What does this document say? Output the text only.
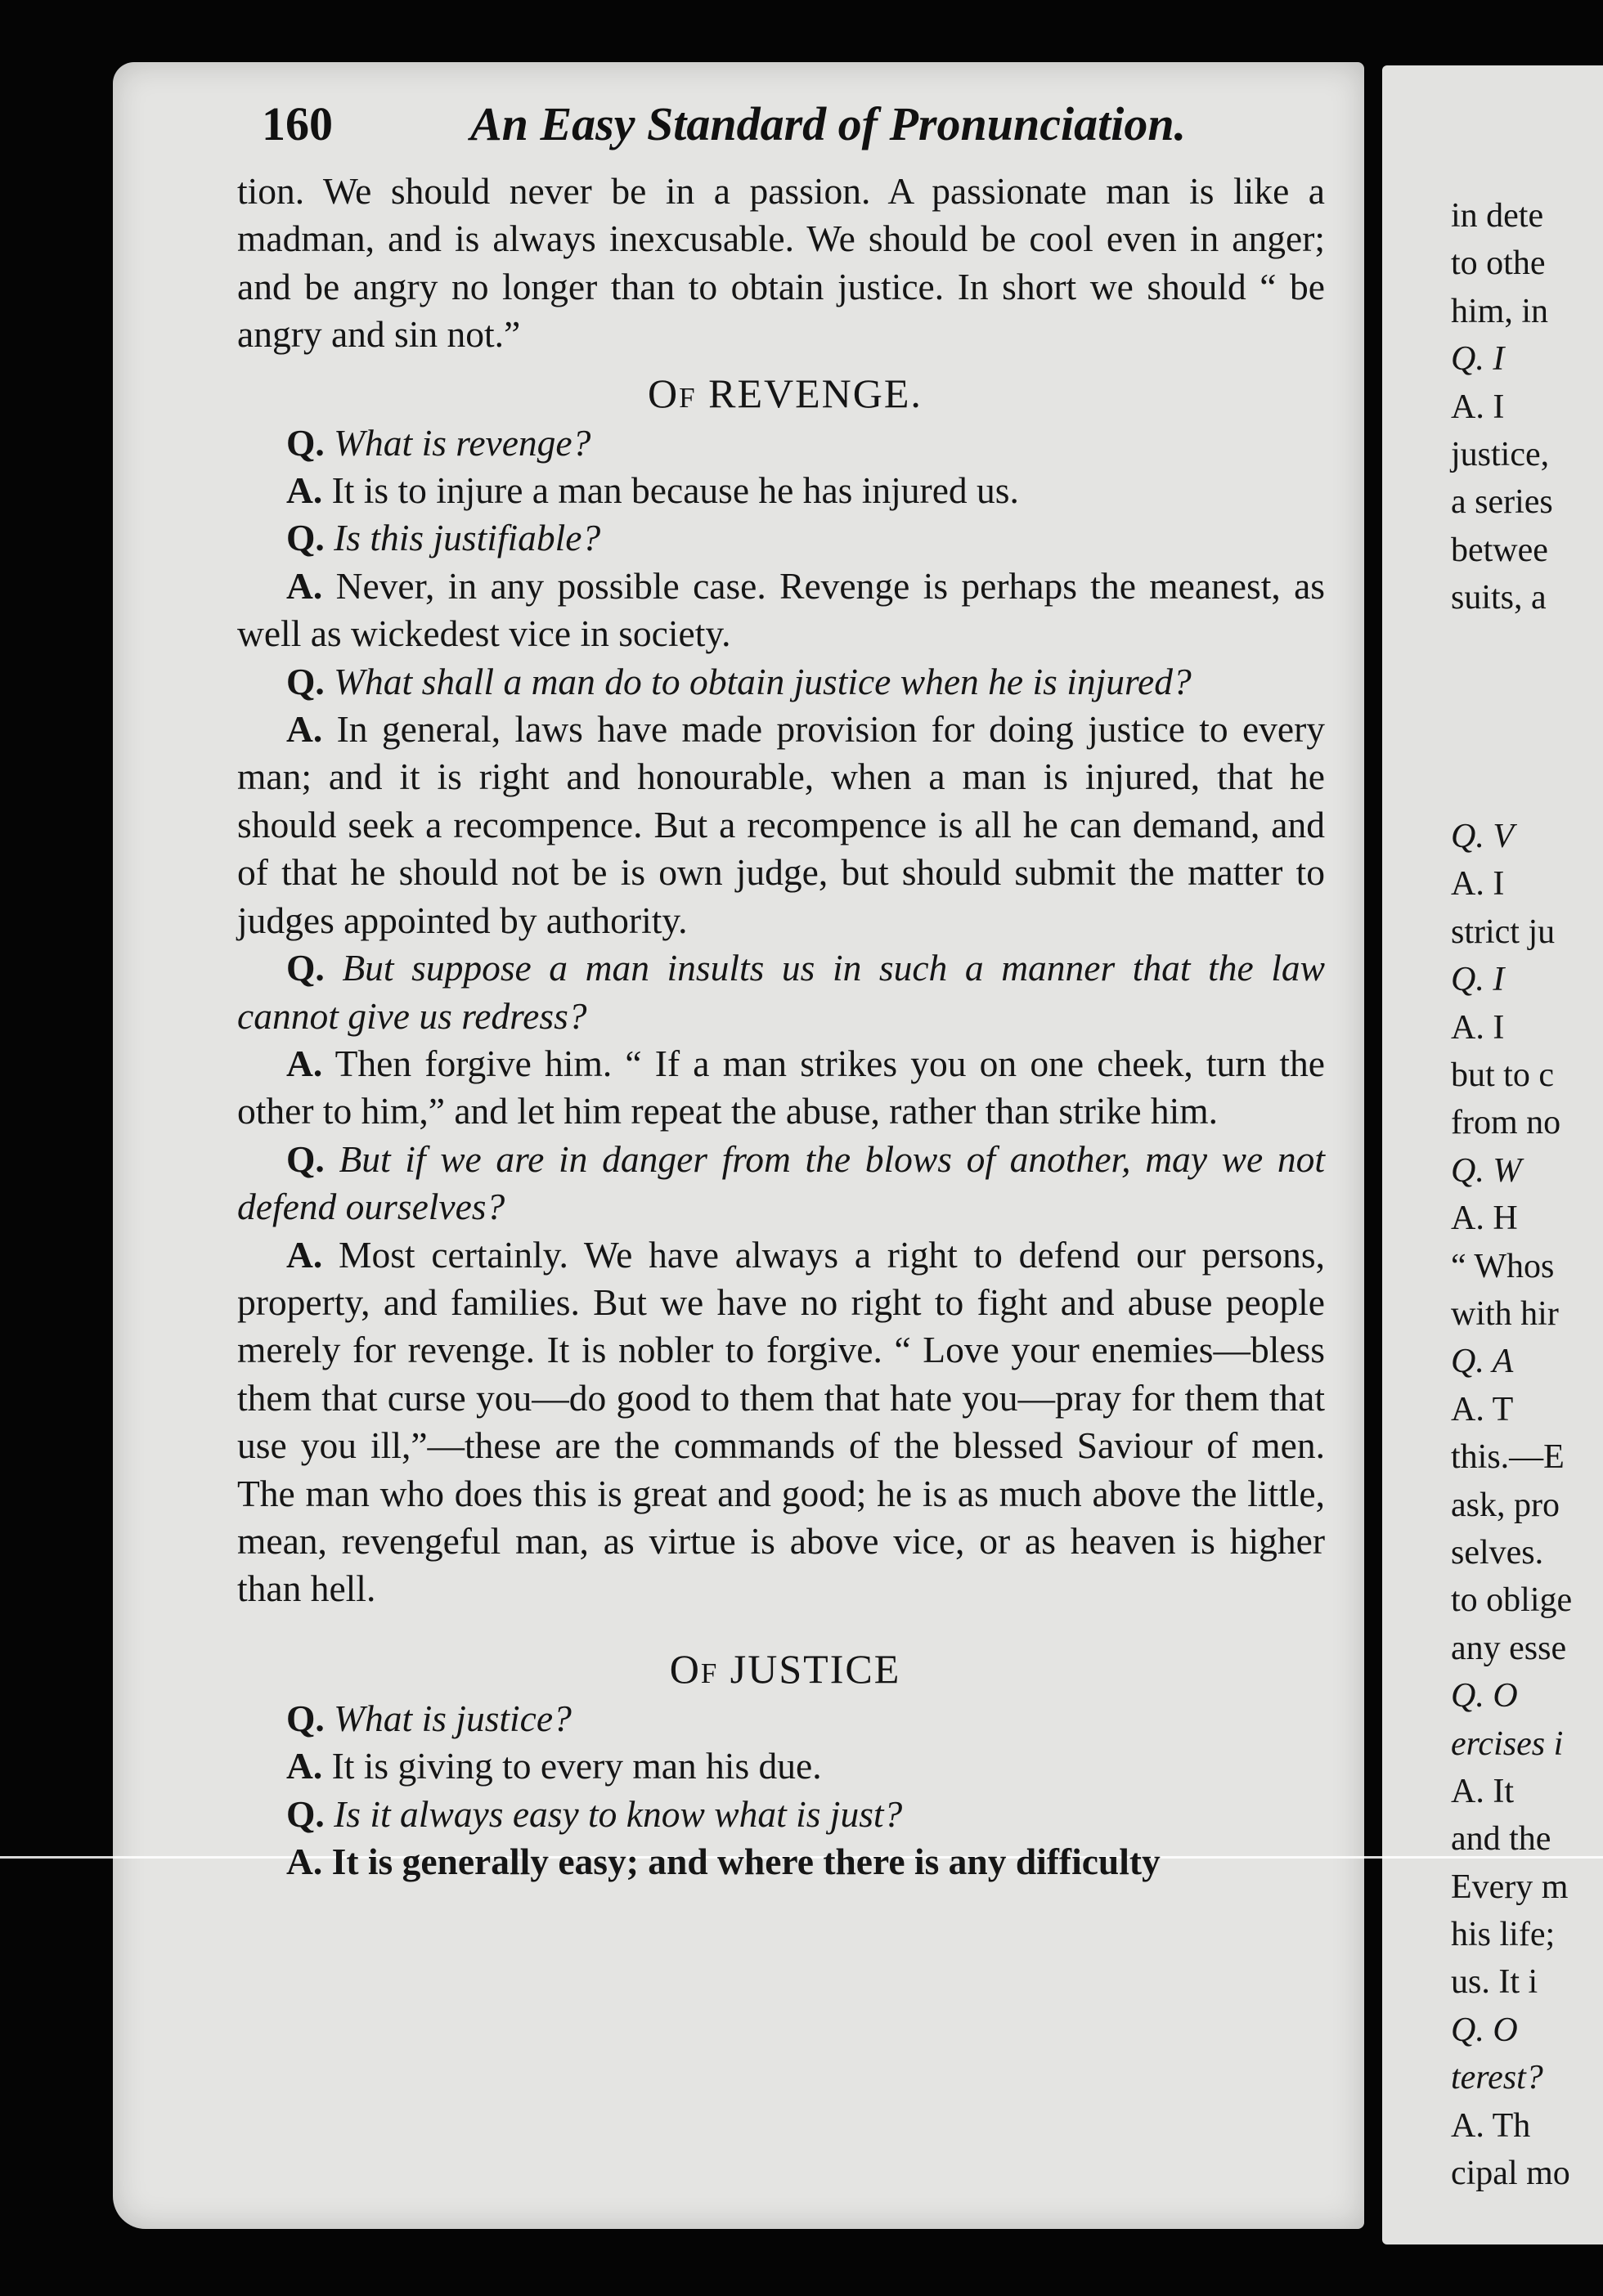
160	An Easy Standard of Pronunciation.

tion. We should never be in a passion. A passionate man is like a madman, and is always inexcusable. We should be cool even in anger; and be angry no longer than to obtain justice. In short we should “ be angry and sin not.”

Of REVENGE.

Q. What is revenge?

A. It is to injure a man because he has injured us.

Q. Is this justifiable?

A. Never, in any possible case. Revenge is perhaps the meanest, as well as wickedest vice in society.

Q. What shall a man do to obtain justice when he is injured?

A. In general, laws have made provision for doing justice to every man; and it is right and honourable, when a man is injured, that he should seek a recompence. But a recompence is all he can demand, and of that he should not be is own judge, but should submit the matter to judges appointed by authority.

Q. But suppose a man insults us in such a manner that the law cannot give us redress?

A. Then forgive him. “ If a man strikes you on one cheek, turn the other to him,” and let him repeat the abuse, rather than strike him.

Q. But if we are in danger from the blows of another, may we not defend ourselves?

A. Most certainly. We have always a right to defend our persons, property, and families. But we have no right to fight and abuse people merely for revenge. It is nobler to forgive. “ Love your enemies—bless them that curse you—do good to them that hate you—pray for them that use you ill,”—these are the commands of the blessed Saviour of men. The man who does this is great and good; he is as much above the little, mean, revengeful man, as virtue is above vice, or as heaven is higher than hell.

Of JUSTICE

Q. What is justice?

A. It is giving to every man his due.

Q. Is it always easy to know what is just?

A. It is generally easy; and where there is any difficulty

in dete
to othe
him, in
Q. I
A. I
justice,
a series
betwee
suits, a
Q. V
A. I
strict ju
Q. I
A. I
but to c
from no
Q. W
A. H
“ Whos
with hir
Q. A
A. T
this.—E
ask, pro
selves.
to oblige
any esse
Q. O
ercises i
A. It
and the
Every m
his life;
us. It i
Q. O
terest?
A. Th
cipal mo
